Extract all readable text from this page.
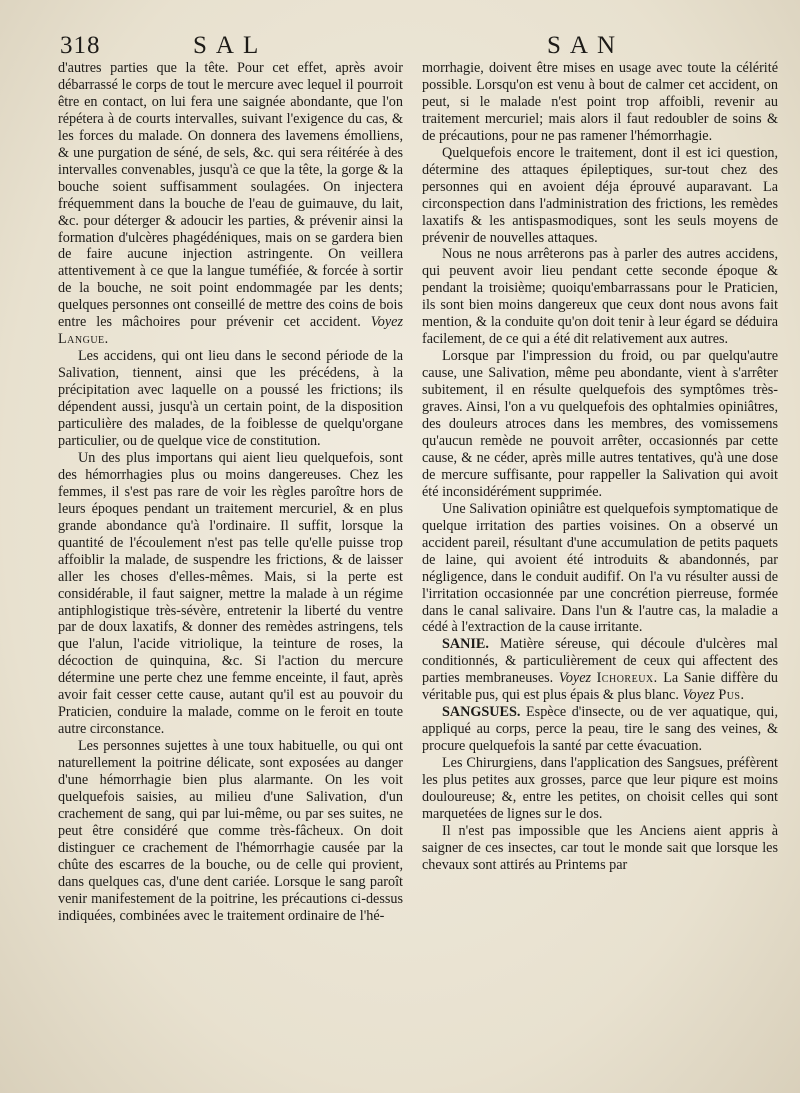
318	SAL	SAN

d'autres parties que la tête. Pour cet effet, après avoir débarrassé le corps de tout le mercure avec lequel il pourroit être en contact, on lui fera une saignée abondante, que l'on répétera à de courts intervalles, suivant l'exigence du cas, & les forces du malade. On donnera des lavemens émolliens, & une purgation de séné, de sels, &c. qui sera réitérée à des intervalles convenables, jusqu'à ce que la tête, la gorge & la bouche soient suffisamment soulagées. On injectera fréquemment dans la bouche de l'eau de guimauve, du lait, &c. pour déterger & adoucir les parties, & prévenir ainsi la formation d'ulcères phagédéniques, mais on se gardera bien de faire aucune injection astringente. On veillera attentivement à ce que la langue tuméfiée, & forcée à sortir de la bouche, ne soit point endommagée par les dents; quelques personnes ont conseillé de mettre des coins de bois entre les mâchoires pour prévenir cet accident. Voyez Langue.

Les accidens, qui ont lieu dans le second période de la Salivation, tiennent, ainsi que les précédens, à la précipitation avec laquelle on a poussé les frictions; ils dépendent aussi, jusqu'à un certain point, de la disposition particulière des malades, de la foiblesse de quelqu'organe particulier, ou de quelque vice de constitution.

Un des plus importans qui aient lieu quelquefois, sont des hémorrhagies plus ou moins dangereuses. Chez les femmes, il s'est pas rare de voir les règles paroître hors de leurs époques pendant un traitement mercuriel, & en plus grande abondance qu'à l'ordinaire. Il suffit, lorsque la quantité de l'écoulement n'est pas telle qu'elle puisse trop affoiblir la malade, de suspendre les frictions, & de laisser aller les choses d'elles-mêmes. Mais, si la perte est considérable, il faut saigner, mettre la malade à un régime antiphlogistique très-sévère, entretenir la liberté du ventre par de doux laxatifs, & donner des remèdes astringens, tels que l'alun, l'acide vitriolique, la teinture de roses, la décoction de quinquina, &c. Si l'action du mercure détermine une perte chez une femme enceinte, il faut, après avoir fait cesser cette cause, autant qu'il est au pouvoir du Praticien, conduire la malade, comme on le feroit en toute autre circonstance.

Les personnes sujettes à une toux habituelle, ou qui ont naturellement la poitrine délicate, sont exposées au danger d'une hémorrhagie bien plus alarmante. On les voit quelquefois saisies, au milieu d'une Salivation, d'un crachement de sang, qui par lui-même, ou par ses suites, ne peut être considéré que comme très-fâcheux. On doit distinguer ce crachement de l'hémorrhagie causée par la chûte des escarres de la bouche, ou de celle qui provient, dans quelques cas, d'une dent cariée. Lorsque le sang paroît venir manifestement de la poitrine, les précautions ci-dessus indiquées, combinées avec le traitement ordinaire de l'hé-

morrhagie, doivent être mises en usage avec toute la célérité possible. Lorsqu'on est venu à bout de calmer cet accident, on peut, si le malade n'est point trop affoibli, revenir au traitement mercuriel; mais alors il faut redoubler de soins & de précautions, pour ne pas ramener l'hémorrhagie.

Quelquefois encore le traitement, dont il est ici question, détermine des attaques épileptiques, sur-tout chez des personnes qui en avoient déja éprouvé auparavant. La circonspection dans l'administration des frictions, les remèdes laxatifs & les antispasmodiques, sont les seuls moyens de prévenir de nouvelles attaques.

Nous ne nous arrêterons pas à parler des autres accidens, qui peuvent avoir lieu pendant cette seconde époque & pendant la troisième; quoiqu'embarrassans pour le Praticien, ils sont bien moins dangereux que ceux dont nous avons fait mention, & la conduite qu'on doit tenir à leur égard se déduira facilement, de ce qui a été dit relativement aux autres.

Lorsque par l'impression du froid, ou par quelqu'autre cause, une Salivation, même peu abondante, vient à s'arrêter subitement, il en résulte quelquefois des symptômes très-graves. Ainsi, l'on a vu quelquefois des ophtalmies opiniâtres, des douleurs atroces dans les membres, des vomissemens qu'aucun remède ne pouvoit arrêter, occasionnés par cette cause, & ne céder, après mille autres tentatives, qu'à une dose de mercure suffisante, pour rappeller la Salivation qui avoit été inconsidérément supprimée.

Une Salivation opiniâtre est quelquefois symptomatique de quelque irritation des parties voisines. On a observé un accident pareil, résultant d'une accumulation de petits paquets de laine, qui avoient été introduits & abandonnés, par négligence, dans le conduit audifif. On l'a vu résulter aussi de l'irritation occasionnée par une concrétion pierreuse, formée dans le canal salivaire. Dans l'un & l'autre cas, la maladie a cédé à l'extraction de la cause irritante.

SANIE. Matière séreuse, qui découle d'ulcères mal conditionnés, & particulièrement de ceux qui affectent des parties membraneuses. Voyez Ichoreux. La Sanie diffère du véritable pus, qui est plus épais & plus blanc. Voyez Pus.

SANGSUES. Espèce d'insecte, ou de ver aquatique, qui, appliqué au corps, perce la peau, tire le sang des veines, & procure quelquefois la santé par cette évacuation.

Les Chirurgiens, dans l'application des Sangsues, préfèrent les plus petites aux grosses, parce que leur piqure est moins douloureuse; &, entre les petites, on choisit celles qui sont marquetées de lignes sur le dos.

Il n'est pas impossible que les Anciens aient appris à saigner de ces insectes, car tout le monde sait que lorsque les chevaux sont attirés au Printems par
